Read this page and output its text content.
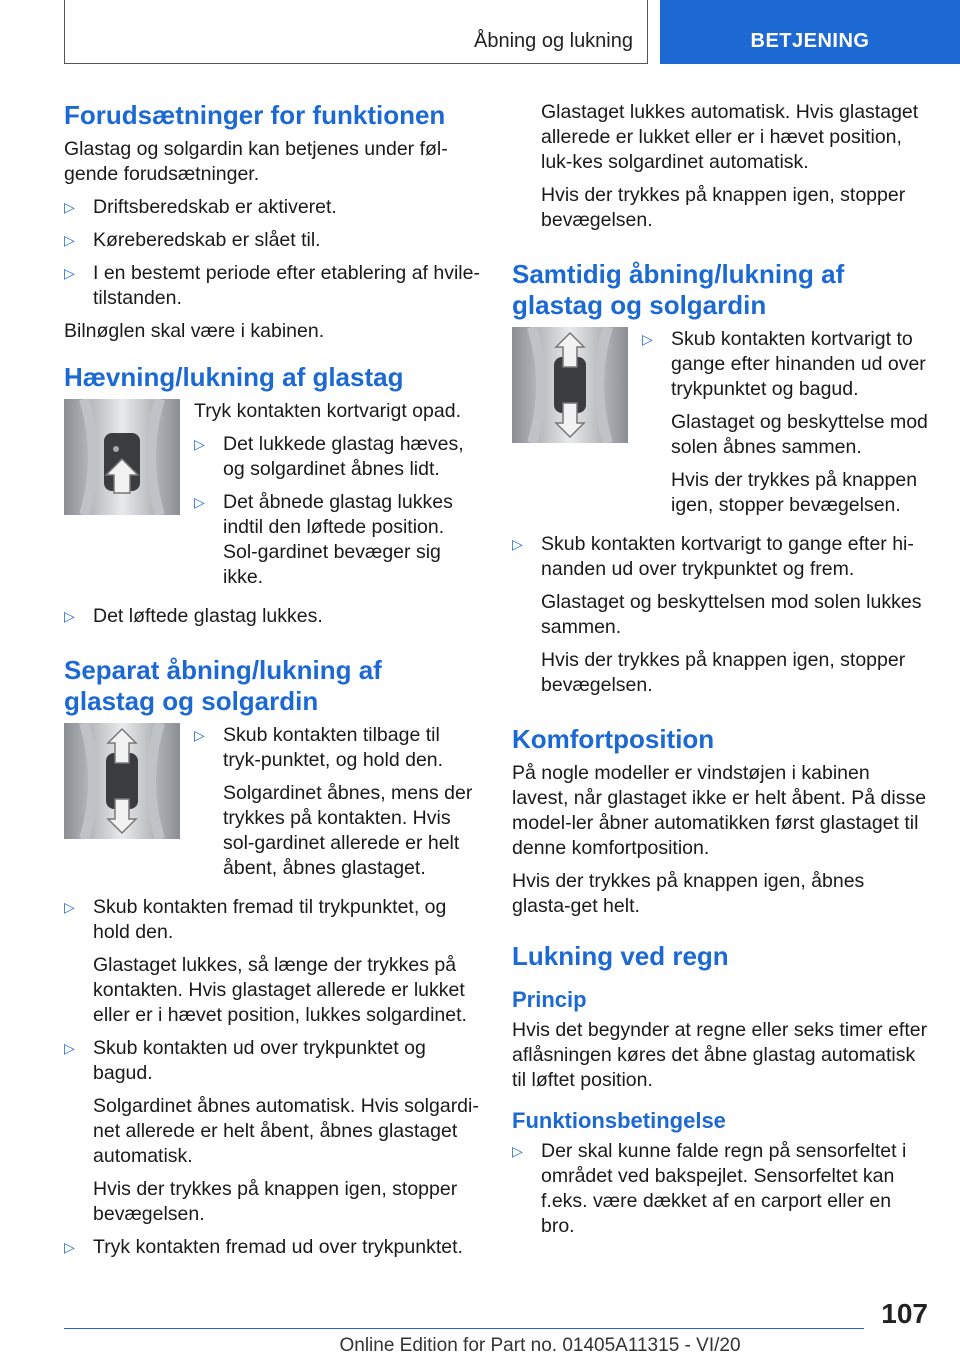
Åbning og lukning	BETJENING
Forudsætninger for funktionen

Glastag og solgardin kan betjenes under føl-gende forudsætninger.

▷ Driftsberedskab er aktiveret.
▷ Køreberedskab er slået til.
▷ I en bestemt periode efter etablering af hvile-tilstanden.

Bilnøglen skal være i kabinen.

Hævning/lukning af glastag

Tryk kontakten kortvarigt opad.

▷ Det lukkede glastag hæves, og solgardinet åbnes lidt.
▷ Det åbnede glastag lukkes indtil den løftede position. Sol-gardinet bevæger sig ikke.
▷ Det løftede glastag lukkes.
Separat åbning/lukning af glastag og solgardin
▷ Skub kontakten tilbage til tryk-punktet, og hold den.
Solgardinet åbnes, mens der trykkes på kontakten. Hvis sol-gardinet allerede er helt åbent, åbnes glastaget.
▷ Skub kontakten fremad til trykpunktet, og hold den.
Glastaget lukkes, så længe der trykkes på kontakten. Hvis glastaget allerede er lukket eller er i hævet position, lukkes solgardinet.
▷ Skub kontakten ud over trykpunktet og bagud.
Solgardinet åbnes automatisk. Hvis solgardi-net allerede er helt åbent, åbnes glastaget automatisk.
Hvis der trykkes på knappen igen, stopper bevægelsen.
▷ Tryk kontakten fremad ud over trykpunktet.
Glastaget lukkes automatisk. Hvis glastaget allerede er lukket eller er i hævet position, luk-kes solgardinet automatisk.
Hvis der trykkes på knappen igen, stopper bevægelsen.
Samtidig åbning/lukning af glastag og solgardin
▷ Skub kontakten kortvarigt to gange efter hinanden ud over trykpunktet og bagud.
Glastaget og beskyttelse mod solen åbnes sammen.
Hvis der trykkes på knappen igen, stopper bevægelsen.
▷ Skub kontakten kortvarigt to gange efter hi-nanden ud over trykpunktet og frem.
Glastaget og beskyttelsen mod solen lukkes sammen.
Hvis der trykkes på knappen igen, stopper bevægelsen.
Komfortposition

På nogle modeller er vindstøjen i kabinen lavest, når glastaget ikke er helt åbent. På disse model-ler åbner automatikken først glastaget til denne komfortposition.

Hvis der trykkes på knappen igen, åbnes glasta-get helt.

Lukning ved regn
Princip

Hvis det begynder at regne eller seks timer efter aflåsningen køres det åbne glastag automatisk til løftet position.

Funktionsbetingelse
▷ Der skal kunne falde regn på sensorfeltet i området ved bakspejlet. Sensorfeltet kan f.eks. være dækket af en carport eller en bro.
107
Online Edition for Part no. 01405A11315 - VI/20
